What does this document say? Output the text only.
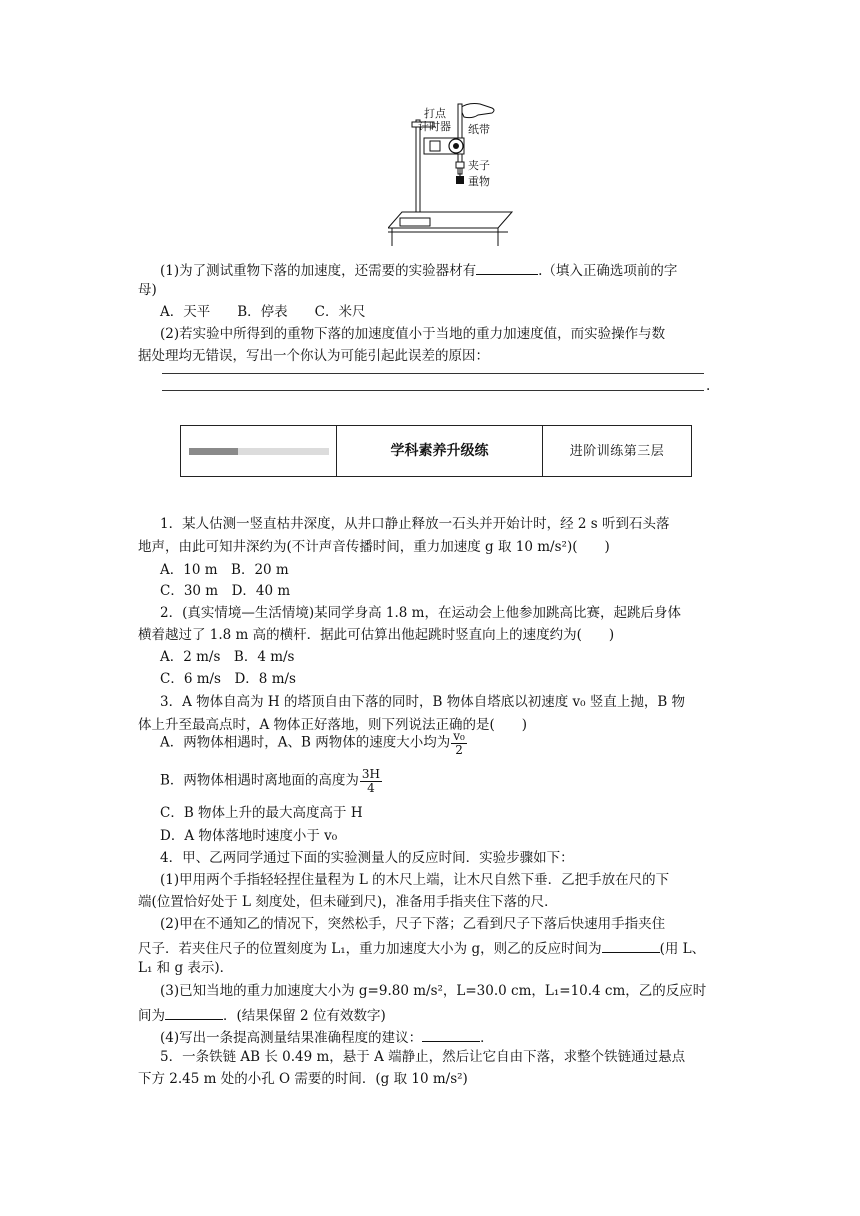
打点
计时器 纸带
夹子
重物
(1)为了测试重物下落的加速度，还需要的实验器材有	.（填入正确选项前的字
母)
A．天平　　B．停表　　C．米尺
(2)若实验中所得到的重物下落的加速度值小于当地的重力加速度值，而实验操作与数
据处理均无错误，写出一个你认为可能引起此误差的原因：
.
学科素养升级练	进阶训练第三层
1．某人估测一竖直枯井深度，从井口静止释放一石头并开始计时，经 2 s 听到石头落
地声，由此可知井深约为(不计声音传播时间，重力加速度 g 取 10 m/s²)(　　)
A．10 m　B．20 m
C．30 m　D．40 m
2．(真实情境—生活情境)某同学身高 1.8 m，在运动会上他参加跳高比赛，起跳后身体
横着越过了 1.8 m 高的横杆．据此可估算出他起跳时竖直向上的速度约为(　　)
A．2 m/s　B．4 m/s
C．6 m/s　D．8 m/s
3．A 物体自高为 H 的塔顶自由下落的同时，B 物体自塔底以初速度 v₀ 竖直上抛，B 物
体上升至最高点时，A 物体正好落地，则下列说法正确的是(　　)
A．两物体相遇时，A、B 两物体的速度大小均为 $\frac{\text{v₀}}{2}$
B．两物体相遇时离地面的高度为 $\frac{3H}{4}$
C．B 物体上升的最大高度高于 H
D．A 物体落地时速度小于 v₀
4．甲、乙两同学通过下面的实验测量人的反应时间．实验步骤如下：
(1)甲用两个手指轻轻捏住量程为 L 的木尺上端，让木尺自然下垂．乙把手放在尺的下
端(位置恰好处于 L 刻度处，但未碰到尺)，准备用手指夹住下落的尺．
(2)甲在不通知乙的情况下，突然松手，尺子下落；乙看到尺子下落后快速用手指夹住
尺子．若夹住尺子的位置刻度为 L₁，重力加速度大小为 g，则乙的反应时间为	(用 L、
L₁ 和 g 表示)．
(3)已知当地的重力加速度大小为 g=9.80 m/s²，L=30.0 cm，L₁=10.4 cm，乙的反应时
间为	．(结果保留 2 位有效数字)
(4)写出一条提高测量结果准确程度的建议：	．
5．一条铁链 AB 长 0.49 m，悬于 A 端静止，然后让它自由下落，求整个铁链通过悬点
下方 2.45 m 处的小孔 O 需要的时间．(g 取 10 m/s²)
